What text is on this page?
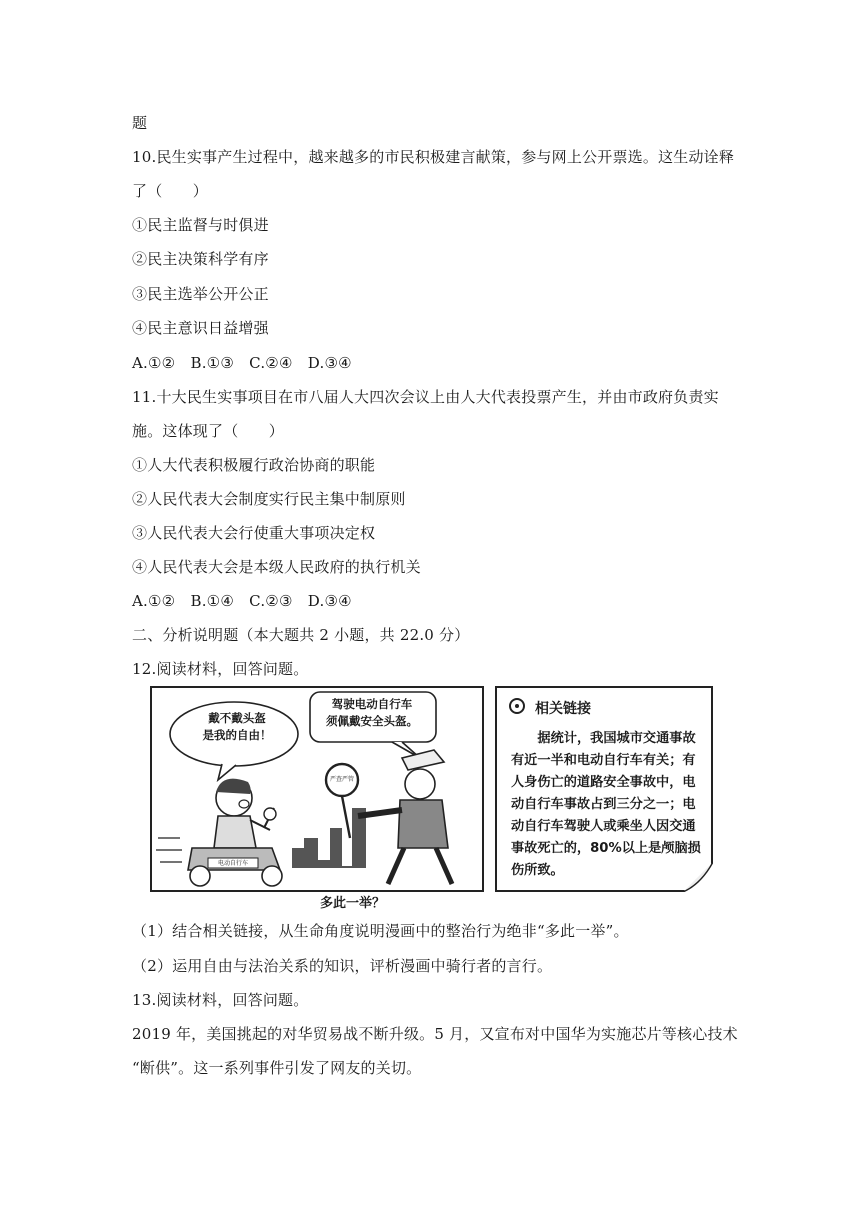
题
10.民生实事产生过程中，越来越多的市民积极建言献策，参与网上公开票选。这生动诠释
了（　　）
①民主监督与时俱进
②民主决策科学有序
③民主选举公开公正
④民主意识日益增强
A.①②　B.①③　C.②④　D.③④
11.十大民生实事项目在市八届人大四次会议上由人大代表投票产生，并由市政府负责实
施。这体现了（　　）
①人大代表积极履行政治协商的职能
②人民代表大会制度实行民主集中制原则
③人民代表大会行使重大事项决定权
④人民代表大会是本级人民政府的执行机关
A.①②　B.①④　C.②③　D.③④
二、分析说明题（本大题共 2 小题，共 22.0 分）
12.阅读材料，回答问题。
戴不戴头盔
是我的自由！
驾驶电动自行车
须佩戴安全头盔。
严查严管
电动自行车
相关链接
据统计，我国城市交通事故有近一半和电动自行车有关；有人身伤亡的道路安全事故中，电动自行车事故占到三分之一；电动自行车驾驶人或乘坐人因交通事故死亡的，80%以上是颅脑损伤所致。
多此一举？
（1）结合相关链接，从生命角度说明漫画中的整治行为绝非“多此一举”。
（2）运用自由与法治关系的知识，评析漫画中骑行者的言行。
13.阅读材料，回答问题。
2019 年，美国挑起的对华贸易战不断升级。5 月，又宣布对中国华为实施芯片等核心技术
“断供”。这一系列事件引发了网友的关切。
